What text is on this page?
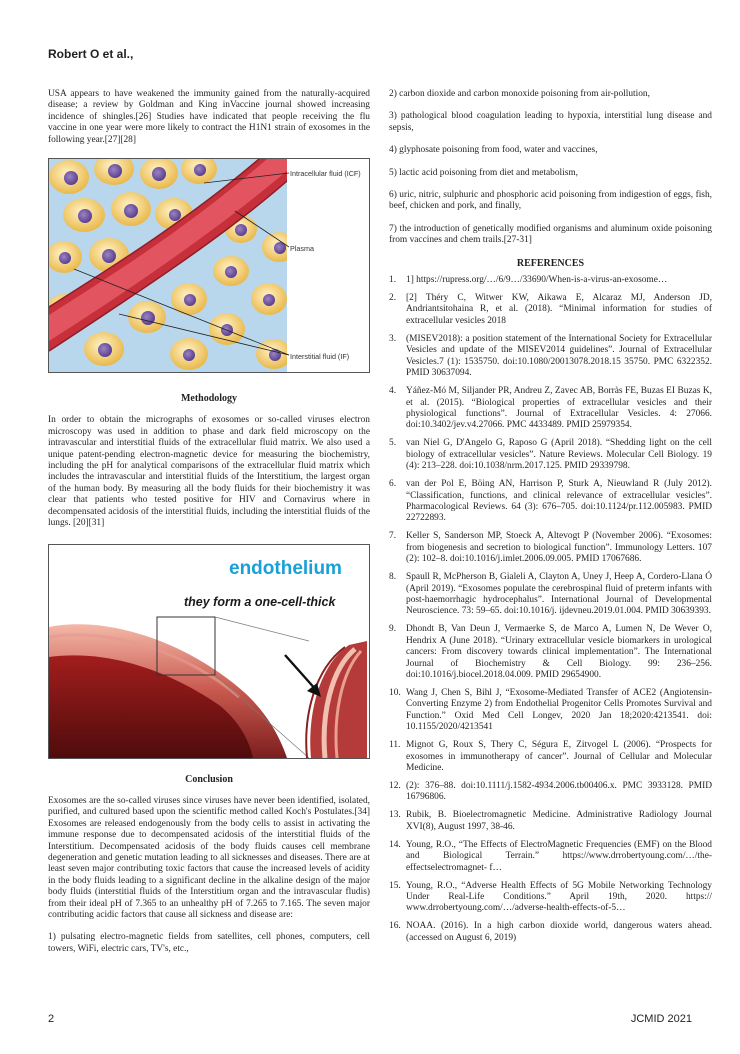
Robert O et al.,

USA appears to have weakened the immunity gained from the naturally-acquired disease; a review by Goldman and King inVaccine journal showed increasing incidence of shingles.[26] Studies have indicated that people receiving the flu vaccine in one year were more likely to contract the H1N1 strain of exosomes in the following year.[27][28]

Intracellular fluid (ICF)
Plasma
Interstitial fluid (IF)

Methodology

In order to obtain the micrographs of exosomes or so-called viruses electron microscopy was used in addition to phase and dark field microscopy on the intravascular and interstitial fluids of the extracellular fluid matrix. We also used a unique patent-pending electron-magnetic device for measuring the biochemistry, including the pH for analytical comparisons of the extracellular fluid matrix which includes the intravascular and interstitial fluids of the Interstitium, the largest organ of the human body. By measuring all the body fluids for their biochemistry it was clear that patients who tested positive for HIV and Cornavirus where in decompensated acidosis of the interstitial fluids, including the interstitial fluids of the lungs. [20][31]

endothelium
they form a one-cell-thick

Conclusion

Exosomes are the so-called viruses since viruses have never been identified, isolated, purified, and cultured based upon the scientific method called Koch's Postulates.[34] Exosomes are released endogenously from the body cells to assist in activating the immune response due to decompensated acidosis of the interstitial fluids of the Interstitium. Decompensated acidosis of the body fluids causes cell membrane degeneration and genetic mutation leading to all sicknesses and diseases. There are at least seven major contributing toxic factors that cause the increased levels of acidity in the body fluids leading to a significant decline in the alkaline design of the major body fluids (interstitial fluids of the Interstitium organ and the intravascular fludis) from their ideal pH of 7.365 to an unhealthy pH of 7.265 to 7.165. The seven major contributing acidic factors that cause all sickness and disease are:

1) pulsating electro-magnetic fields from satellites, cell phones, computers, cell towers, WiFi, electric cars, TV's, etc.,

2) carbon dioxide and carbon monoxide poisoning from air-pollution,

3) pathological blood coagulation leading to hypoxia, interstitial lung disease and sepsis,

4) glyphosate poisoning from food, water and vaccines,

5) lactic acid poisoning from diet and metabolism,

6) uric, nitric, sulphuric and phosphoric acid poisoning from indigestion of eggs, fish, beef, chicken and pork, and finally,

7) the introduction of genetically modified organisms and aluminum oxide poisoning from vaccines and chem trails.[27-31]

REFERENCES

1.	1] https://rupress.org/…/6/9…/33690/When-is-a-virus-an-exosome…
2.	[2] Théry C, Witwer KW, Aikawa E, Alcaraz MJ, Anderson JD, Andriantsitohaina R, et al. (2018). “Minimal information for studies of extracellular vesicles 2018
3.	(MISEV2018): a position statement of the International Society for Extracellular Vesicles and update of the MISEV2014 guidelines”. Journal of Extracellular Vesicles.7 (1): 1535750. doi:10.1080/20013078.2018.15 35750. PMC 6322352. PMID 30637094.
4.	Yáñez-Mó M, Siljander PR, Andreu Z, Zavec AB, Borràs FE, Buzas EI Buzas K, et al. (2015). “Biological properties of extracellular vesicles and their physiological functions”. Journal of Extracellular Vesicles. 4: 27066. doi:10.3402/jev.v4.27066. PMC 4433489. PMID 25979354.
5.	van Niel G, D'Angelo G, Raposo G (April 2018). “Shedding light on the cell biology of extracellular vesicles”. Nature Reviews. Molecular Cell Biology. 19 (4): 213–228. doi:10.1038/nrm.2017.125. PMID 29339798.
6.	van der Pol E, Böing AN, Harrison P, Sturk A, Nieuwland R (July 2012). “Classification, functions, and clinical relevance of extracellular vesicles”. Pharmacological Reviews. 64 (3): 676–705. doi:10.1124/pr.112.005983. PMID 22722893.
7.	Keller S, Sanderson MP, Stoeck A, Altevogt P (November 2006). “Exosomes: from biogenesis and secretion to biological function”. Immunology Letters. 107 (2): 102–8. doi:10.1016/j.imlet.2006.09.005. PMID 17067686.
8.	Spaull R, McPherson B, Gialeli A, Clayton A, Uney J, Heep A, Cordero-Llana Ó (April 2019). “Exosomes populate the cerebrospinal fluid of preterm infants with post-haemorrhagic hydrocephalus”. International Journal of Developmental Neuroscience. 73: 59–65. doi:10.1016/j. ijdevneu.2019.01.004. PMID 30639393.
9.	Dhondt B, Van Deun J, Vermaerke S, de Marco A, Lumen N, De Wever O, Hendrix A (June 2018). “Urinary extracellular vesicle biomarkers in urological cancers: From discovery towards clinical implementation”. The International Journal of Biochemistry & Cell Biology. 99: 236–256. doi:10.1016/j.biocel.2018.04.009. PMID 29654900.
10. Wang J, Chen S, Bihl J, “Exosome-Mediated Transfer of ACE2 (Angiotensin- Converting Enzyme 2) from Endothelial Progenitor Cells Promotes Survival and Function.” Oxid Med Cell Longev, 2020 Jan 18;2020:4213541. doi: 10.1155/2020/4213541
11. Mignot G, Roux S, Thery C, Ségura E, Zitvogel L (2006). “Prospects for exosomes in immunotherapy of cancer”. Journal of Cellular and Molecular Medicine.
12. (2): 376–88. doi:10.1111/j.1582-4934.2006.tb00406.x. PMC 3933128. PMID 16796806.
13. Rubik, B. Bioelectromagnetic Medicine. Administrative Radiology Journal XVI(8), August 1997, 38-46.
14. Young, R.O., “The Effects of ElectroMagnetic Frequencies (EMF) on the Blood and Biological Terrain.” https://www.drrobertyoung.com/…/the-effectselectromagnet- f…
15. Young, R.O., “Adverse Health Effects of 5G Mobile Networking Technology Under Real-Life Conditions.” April 19th, 2020. https:// www.drrobertyoung.com/…/adverse-health-effects-of-5…
16. NOAA. (2016). In a high carbon dioxide world, dangerous waters ahead. (accessed on August 6, 2019)
2	JCMID 2021
